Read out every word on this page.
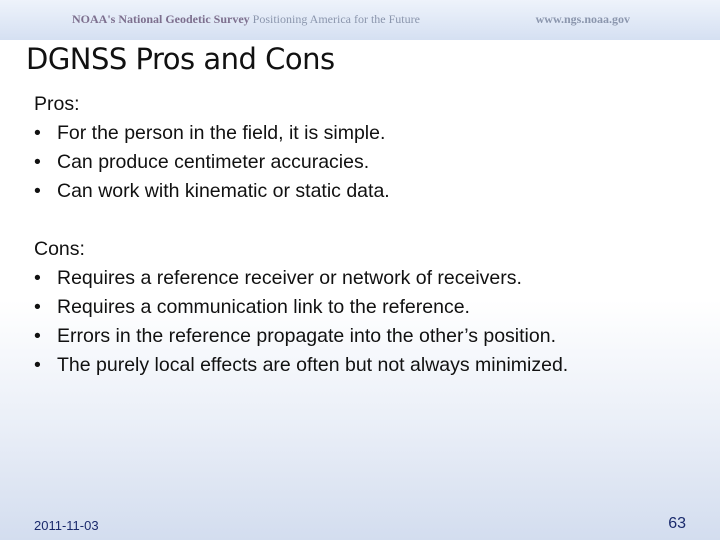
NOAA's National Geodetic Survey Positioning America for the Future	www.ngs.noaa.gov
DGNSS Pros and Cons
Pros:
• For the person in the field, it is simple.
• Can produce centimeter accuracies.
• Can work with kinematic or static data.
Cons:
• Requires a reference receiver or network of receivers.
• Requires a communication link to the reference.
• Errors in the reference propagate into the other’s position.
• The purely local effects are often but not always minimized.
2011-11-03	63
